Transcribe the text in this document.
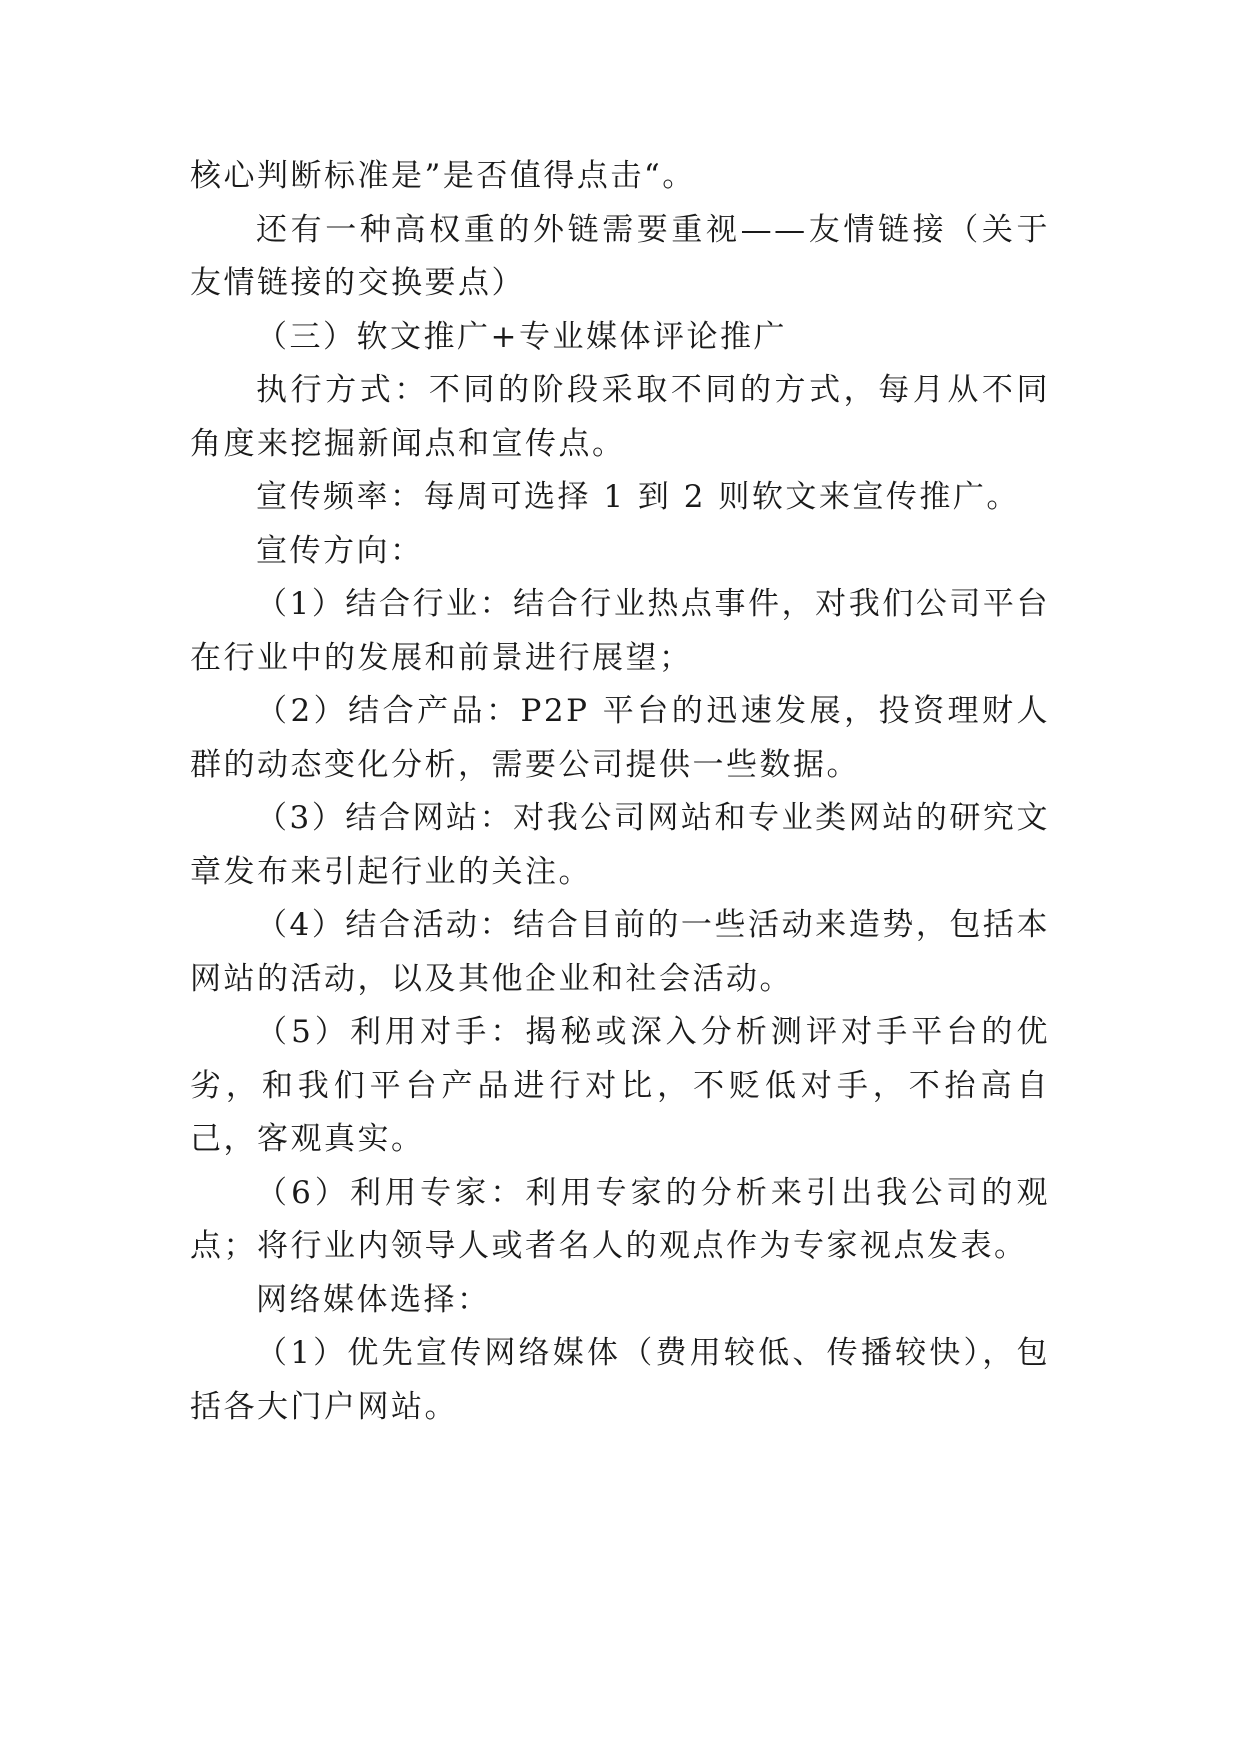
核心判断标准是”是否值得点击“。

还有一种高权重的外链需要重视——友情链接（关于友情链接的交换要点）

（三）软文推广+专业媒体评论推广

执行方式：不同的阶段采取不同的方式，每月从不同角度来挖掘新闻点和宣传点。

宣传频率：每周可选择 1 到 2 则软文来宣传推广。

宣传方向：

（1）结合行业：结合行业热点事件，对我们公司平台在行业中的发展和前景进行展望；

（2）结合产品：P2P 平台的迅速发展，投资理财人群的动态变化分析，需要公司提供一些数据。

（3）结合网站：对我公司网站和专业类网站的研究文章发布来引起行业的关注。

（4）结合活动：结合目前的一些活动来造势，包括本网站的活动，以及其他企业和社会活动。

（5）利用对手：揭秘或深入分析测评对手平台的优劣，和我们平台产品进行对比，不贬低对手，不抬高自己，客观真实。

（6）利用专家：利用专家的分析来引出我公司的观点；将行业内领导人或者名人的观点作为专家视点发表。

网络媒体选择：

（1）优先宣传网络媒体（费用较低、传播较快），包括各大门户网站。
